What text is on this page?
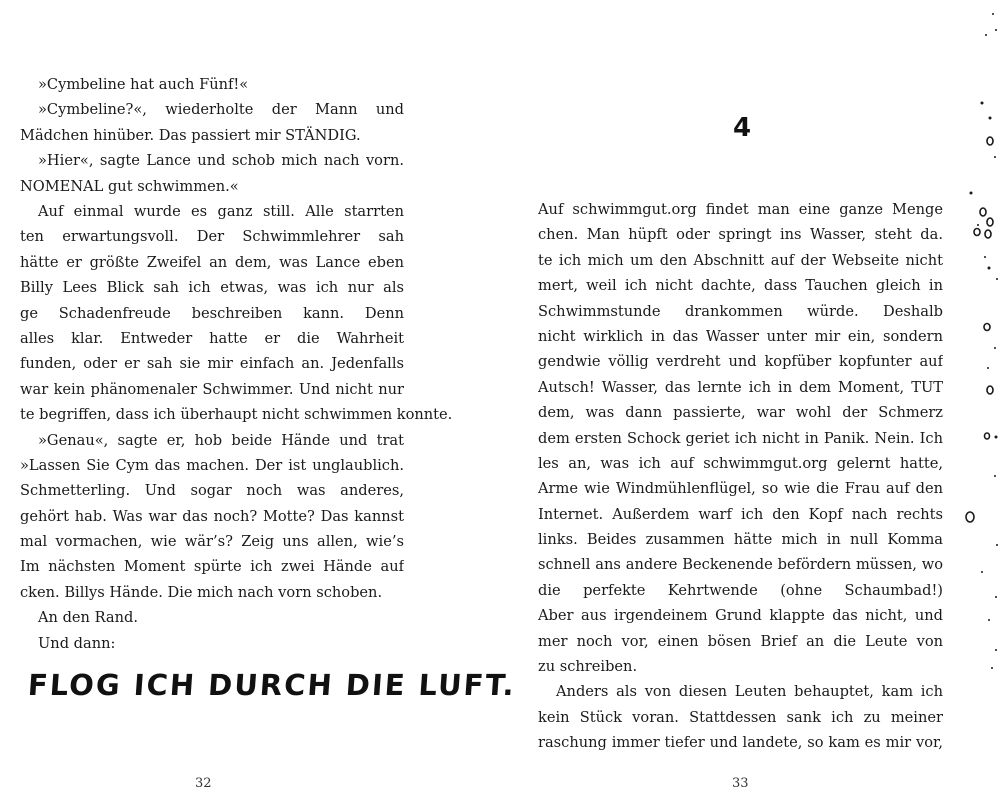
»Cymbeline hat auch Fünf!«
»Cymbeline?«, wiederholte der Mann und
Mädchen hinüber. Das passiert mir STÄNDIG.
»Hier«, sagte Lance und schob mich nach vorn.
NOMENAL gut schwimmen.«
Auf einmal wurde es ganz still. Alle starrten
ten erwartungsvoll. Der Schwimmlehrer sah
hätte er größte Zweifel an dem, was Lance eben
Billy Lees Blick sah ich etwas, was ich nur als
ge Schadenfreude beschreiben kann. Denn
alles klar. Entweder hatte er die Wahrheit
funden, oder er sah sie mir einfach an. Jedenfalls
war kein phänomenaler Schwimmer. Und nicht nur
te begriffen, dass ich überhaupt nicht schwimmen konnte.
»Genau«, sagte er, hob beide Hände und trat
»Lassen Sie Cym das machen. Der ist unglaublich.
Schmetterling. Und sogar noch was anderes,
gehört hab. Was war das noch? Motte? Das kannst
mal vormachen, wie wär’s? Zeig uns allen, wie’s
Im nächsten Moment spürte ich zwei Hände auf
cken. Billys Hände. Die mich nach vorn schoben.
An den Rand.
Und dann:
FLOG ICH DURCH DIE LUFT.
32
4
Auf schwimmgut.org findet man eine ganze Menge
chen. Man hüpft oder springt ins Wasser, steht da.
te ich mich um den Abschnitt auf der Webseite nicht
mert, weil ich nicht dachte, dass Tauchen gleich in
Schwimmstunde drankommen würde. Deshalb
nicht wirklich in das Wasser unter mir ein, sondern
gendwie völlig verdreht und kopfüber kopfunter auf
Autsch! Wasser, das lernte ich in dem Moment, TUT
dem, was dann passierte, war wohl der Schmerz
dem ersten Schock geriet ich nicht in Panik. Nein. Ich
les an, was ich auf schwimmgut.org gelernt hatte,
Arme wie Windmühlenflügel, so wie die Frau auf den
Internet. Außerdem warf ich den Kopf nach rechts
links. Beides zusammen hätte mich in null Komma
schnell ans andere Beckenende befördern müssen, wo
die perfekte Kehrtwende (ohne Schaumbad!)
Aber aus irgendeinem Grund klappte das nicht, und
mer noch vor, einen bösen Brief an die Leute von
zu schreiben.
Anders als von diesen Leuten behauptet, kam ich
kein Stück voran. Stattdessen sank ich zu meiner
raschung immer tiefer und landete, so kam es mir vor,
33
